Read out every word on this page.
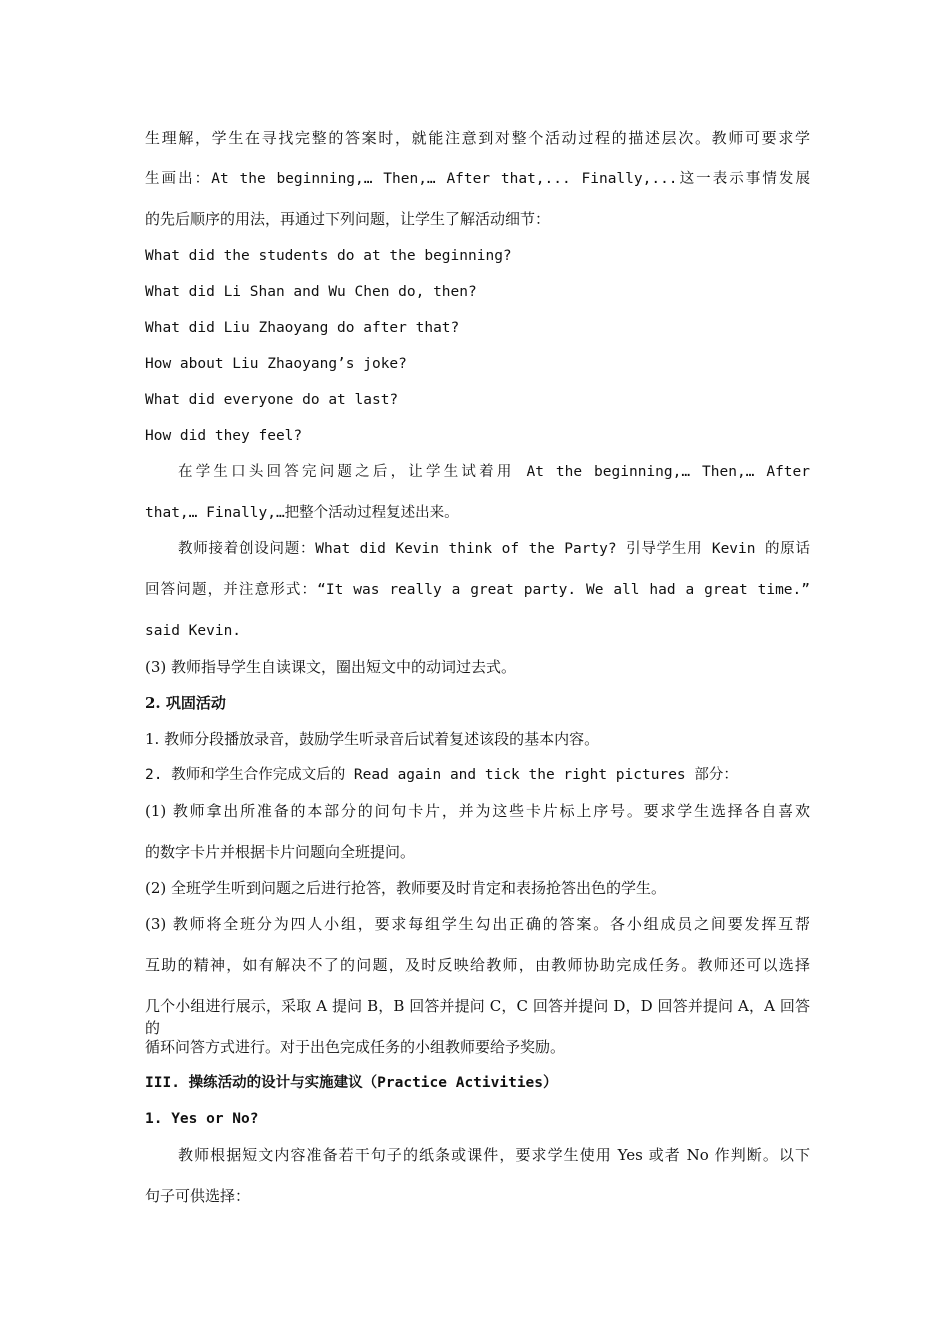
生理解，学生在寻找完整的答案时，就能注意到对整个活动过程的描述层次。教师可要求学
生画出：At the beginning,… Then,… After that,... Finally,...这一表示事情发展
的先后顺序的用法，再通过下列问题，让学生了解活动细节：
What did the students do at the beginning?
What did Li Shan and Wu Chen do, then?
What did Liu Zhaoyang do after that?
How about Liu Zhaoyang’s joke?
What did everyone do at last?
How did they feel?
在学生口头回答完问题之后，让学生试着用 At the beginning,… Then,… After
that,… Finally,…把整个活动过程复述出来。
教师接着创设问题：What did Kevin think of the Party? 引导学生用 Kevin 的原话
回答问题，并注意形式：“It was really a great party. We all had a great time.”
said Kevin.
(3) 教师指导学生自读课文，圈出短文中的动词过去式。
2. 巩固活动
1. 教师分段播放录音，鼓励学生听录音后试着复述该段的基本内容。
2. 教师和学生合作完成文后的 Read again and tick the right pictures 部分：
(1) 教师拿出所准备的本部分的问句卡片，并为这些卡片标上序号。要求学生选择各自喜欢
的数字卡片并根据卡片问题向全班提问。
(2) 全班学生听到问题之后进行抢答，教师要及时肯定和表扬抢答出色的学生。
(3) 教师将全班分为四人小组，要求每组学生勾出正确的答案。各小组成员之间要发挥互帮
互助的精神，如有解决不了的问题，及时反映给教师，由教师协助完成任务。教师还可以选择
几个小组进行展示，采取 A 提问 B，B 回答并提问 C，C 回答并提问 D，D 回答并提问 A，A 回答的
循环问答方式进行。对于出色完成任务的小组教师要给予奖励。
III. 操练活动的设计与实施建议（Practice Activities）
1. Yes or No?
教师根据短文内容准备若干句子的纸条或课件，要求学生使用 Yes 或者 No 作判断。以下
句子可供选择：
